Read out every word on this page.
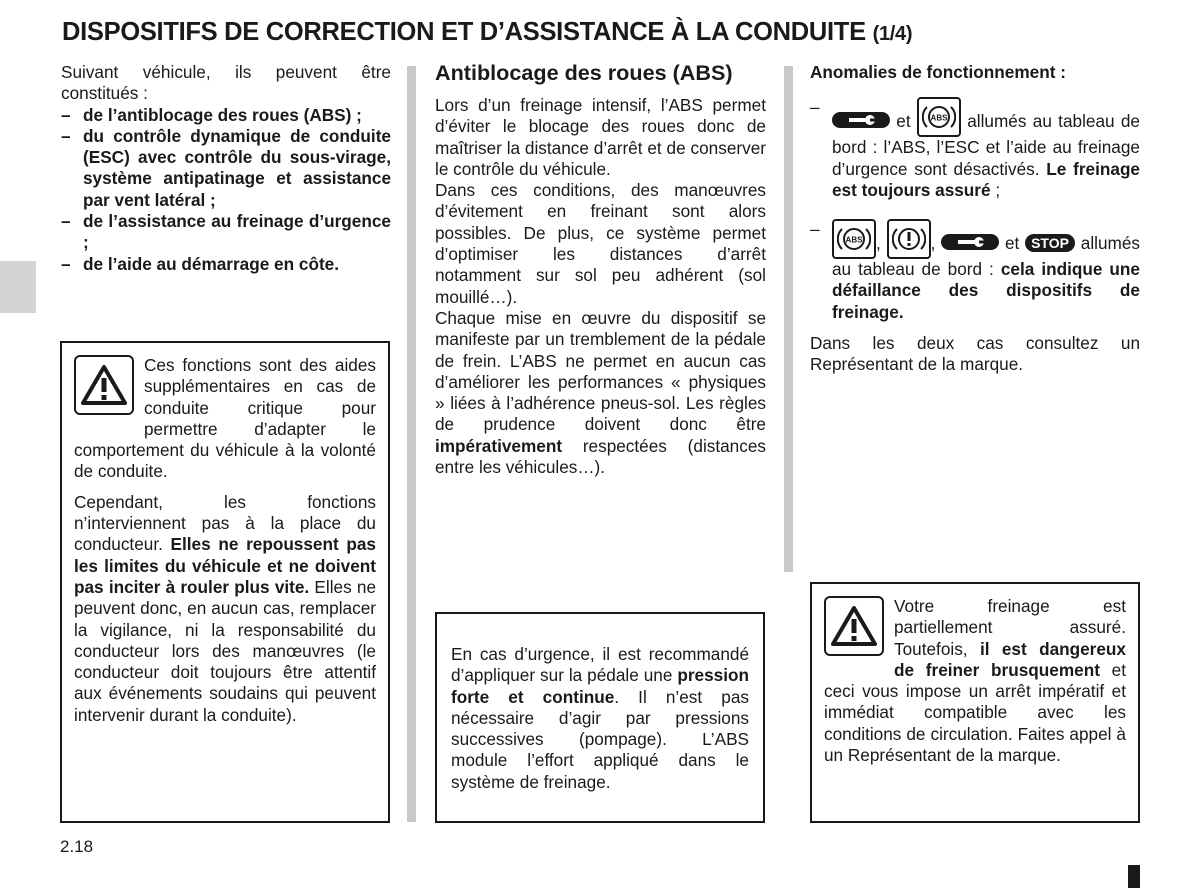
DISPOSITIFS DE CORRECTION ET D’ASSISTANCE À LA CONDUITE (1/4)

Suivant véhicule, ils peuvent être constitués :

– de l’antiblocage des roues (ABS) ;
– du contrôle dynamique de conduite (ESC) avec contrôle du sous-virage, système antipatinage et assistance par vent latéral ;
– de l’assistance au freinage d’urgence ;
– de l’aide au démarrage en côte.

Ces fonctions sont des aides supplémentaires en cas de conduite critique pour permettre d’adapter le comportement du véhicule à la volonté de conduite.

Cependant, les fonctions n’interviennent pas à la place du conducteur. Elles ne repoussent pas les limites du véhicule et ne doivent pas inciter à rouler plus vite. Elles ne peuvent donc, en aucun cas, remplacer la vigilance, ni la responsabilité du conducteur lors des manœuvres (le conducteur doit toujours être attentif aux événements soudains qui peuvent intervenir durant la conduite).

Antiblocage des roues (ABS)

Lors d’un freinage intensif, l’ABS permet d’éviter le blocage des roues donc de maîtriser la distance d’arrêt et de conserver le contrôle du véhicule.

Dans ces conditions, des manœuvres d’évitement en freinant sont alors possibles. De plus, ce système permet d’optimiser les distances d’arrêt notamment sur sol peu adhérent (sol mouillé…).

Chaque mise en œuvre du dispositif se manifeste par un tremblement de la pédale de frein. L’ABS ne permet en aucun cas d’améliorer les performances « physiques » liées à l’adhérence pneus-sol. Les règles de prudence doivent donc être impérativement respectées (distances entre les véhicules…).

En cas d’urgence, il est recommandé d’appliquer sur la pédale une pression forte et continue. Il n’est pas nécessaire d’agir par pressions successives (pompage). L’ABS module l’effort appliqué dans le système de freinage.

Anomalies de fonctionnement :

–
et ABS allumés au tableau de bord : l’ABS, l’ESC et l’aide au freinage d’urgence sont désactivés. Le freinage est toujours assuré ;
–
ABS ,	,	et STOP allumés au tableau de bord : cela indique une défaillance des dispositifs de freinage.

Dans les deux cas consultez un Représentant de la marque.

Votre freinage est partiellement assuré. Toutefois, il est dangereux de freiner brusquement et ceci vous impose un arrêt impératif et immédiat compatible avec les conditions de circulation. Faites appel à un Représentant de la marque.

2.18
